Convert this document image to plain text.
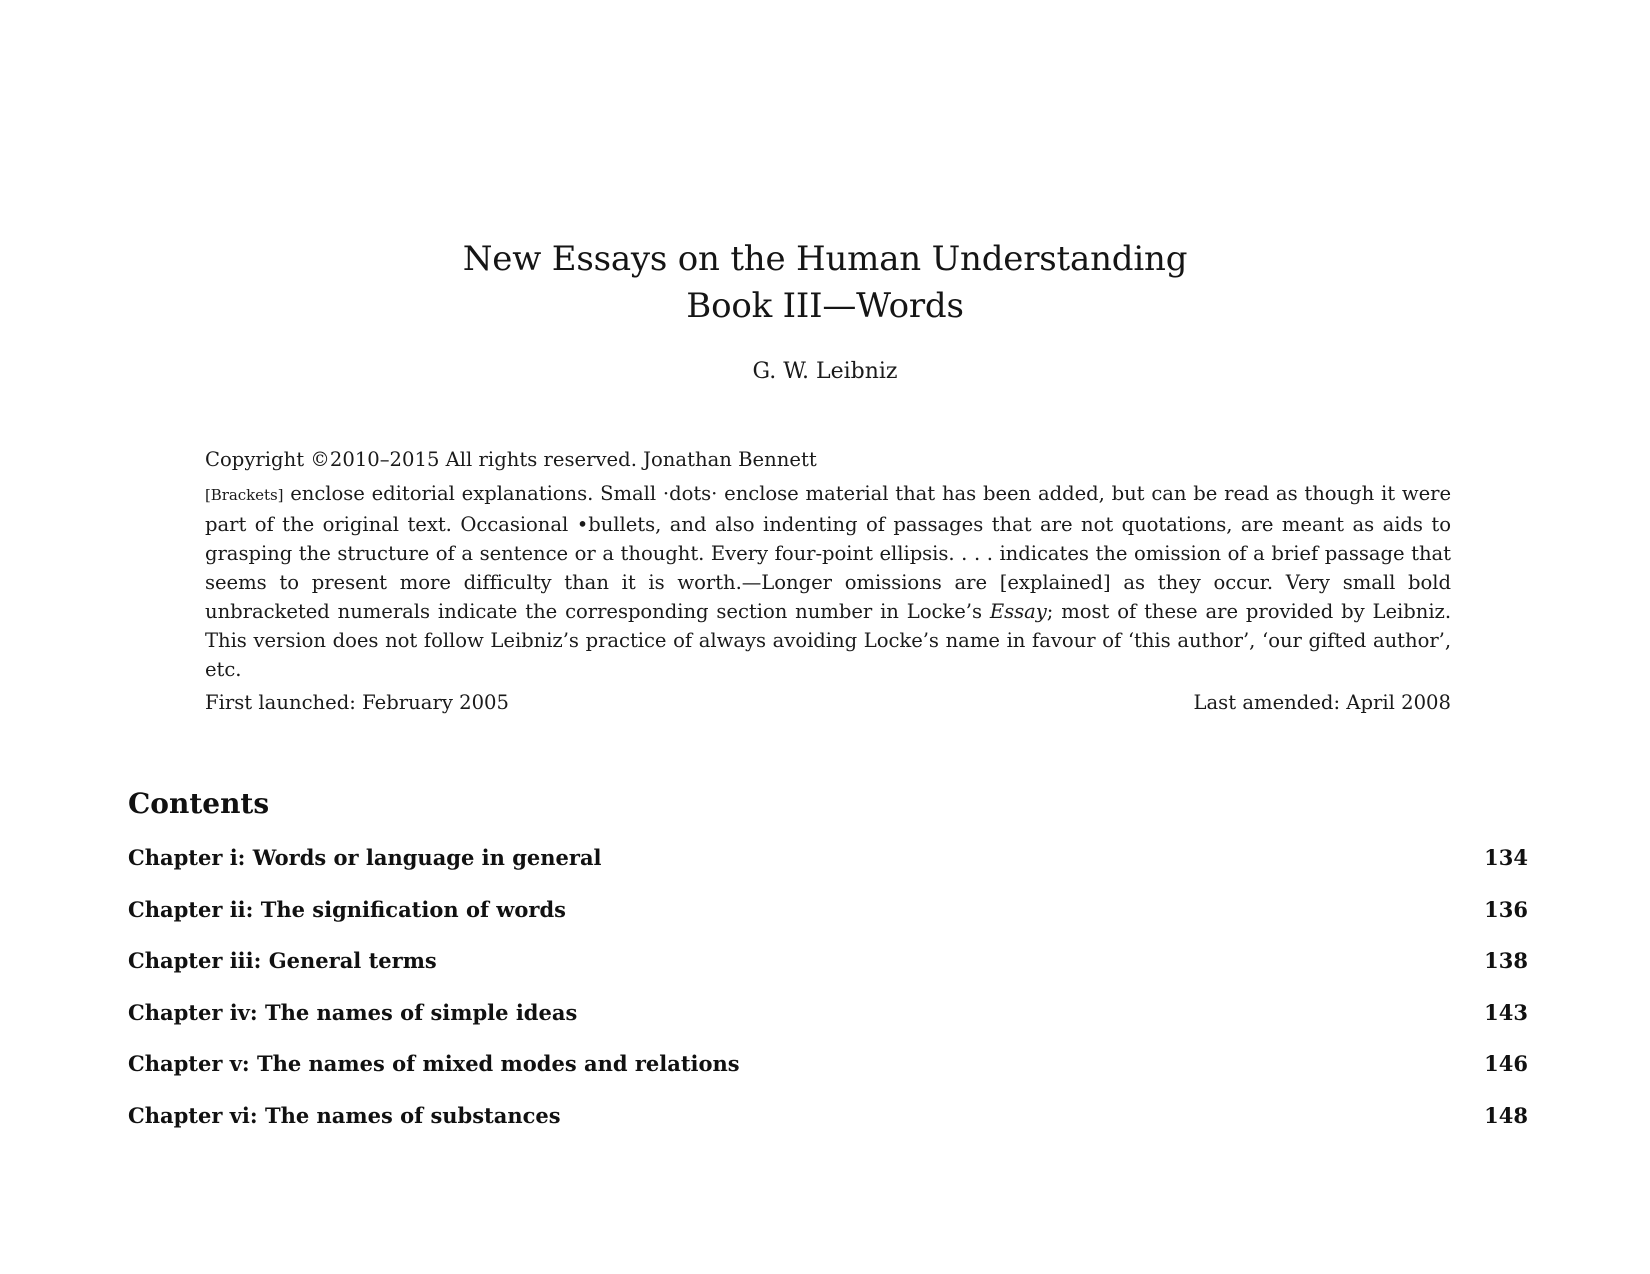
New Essays on the Human Understanding
Book III—Words
G. W. Leibniz

Copyright ©2010–2015 All rights reserved. Jonathan Bennett

[Brackets] enclose editorial explanations. Small ·dots· enclose material that has been added, but can be read as though it were part of the original text. Occasional •bullets, and also indenting of passages that are not quotations, are meant as aids to grasping the structure of a sentence or a thought. Every four-point ellipsis. . . . indicates the omission of a brief passage that seems to present more difficulty than it is worth.—Longer omissions are [explained] as they occur. Very small bold unbracketed numerals indicate the corresponding section number in Locke’s Essay; most of these are provided by Leibniz. This version does not follow Leibniz’s practice of always avoiding Locke’s name in favour of ‘this author’, ‘our gifted author’, etc.

First launched: February 2005	Last amended: April 2008
Contents
Chapter i: Words or language in general	134
Chapter ii: The signification of words	136
Chapter iii: General terms	138
Chapter iv: The names of simple ideas	143
Chapter v: The names of mixed modes and relations	146
Chapter vi: The names of substances	148
